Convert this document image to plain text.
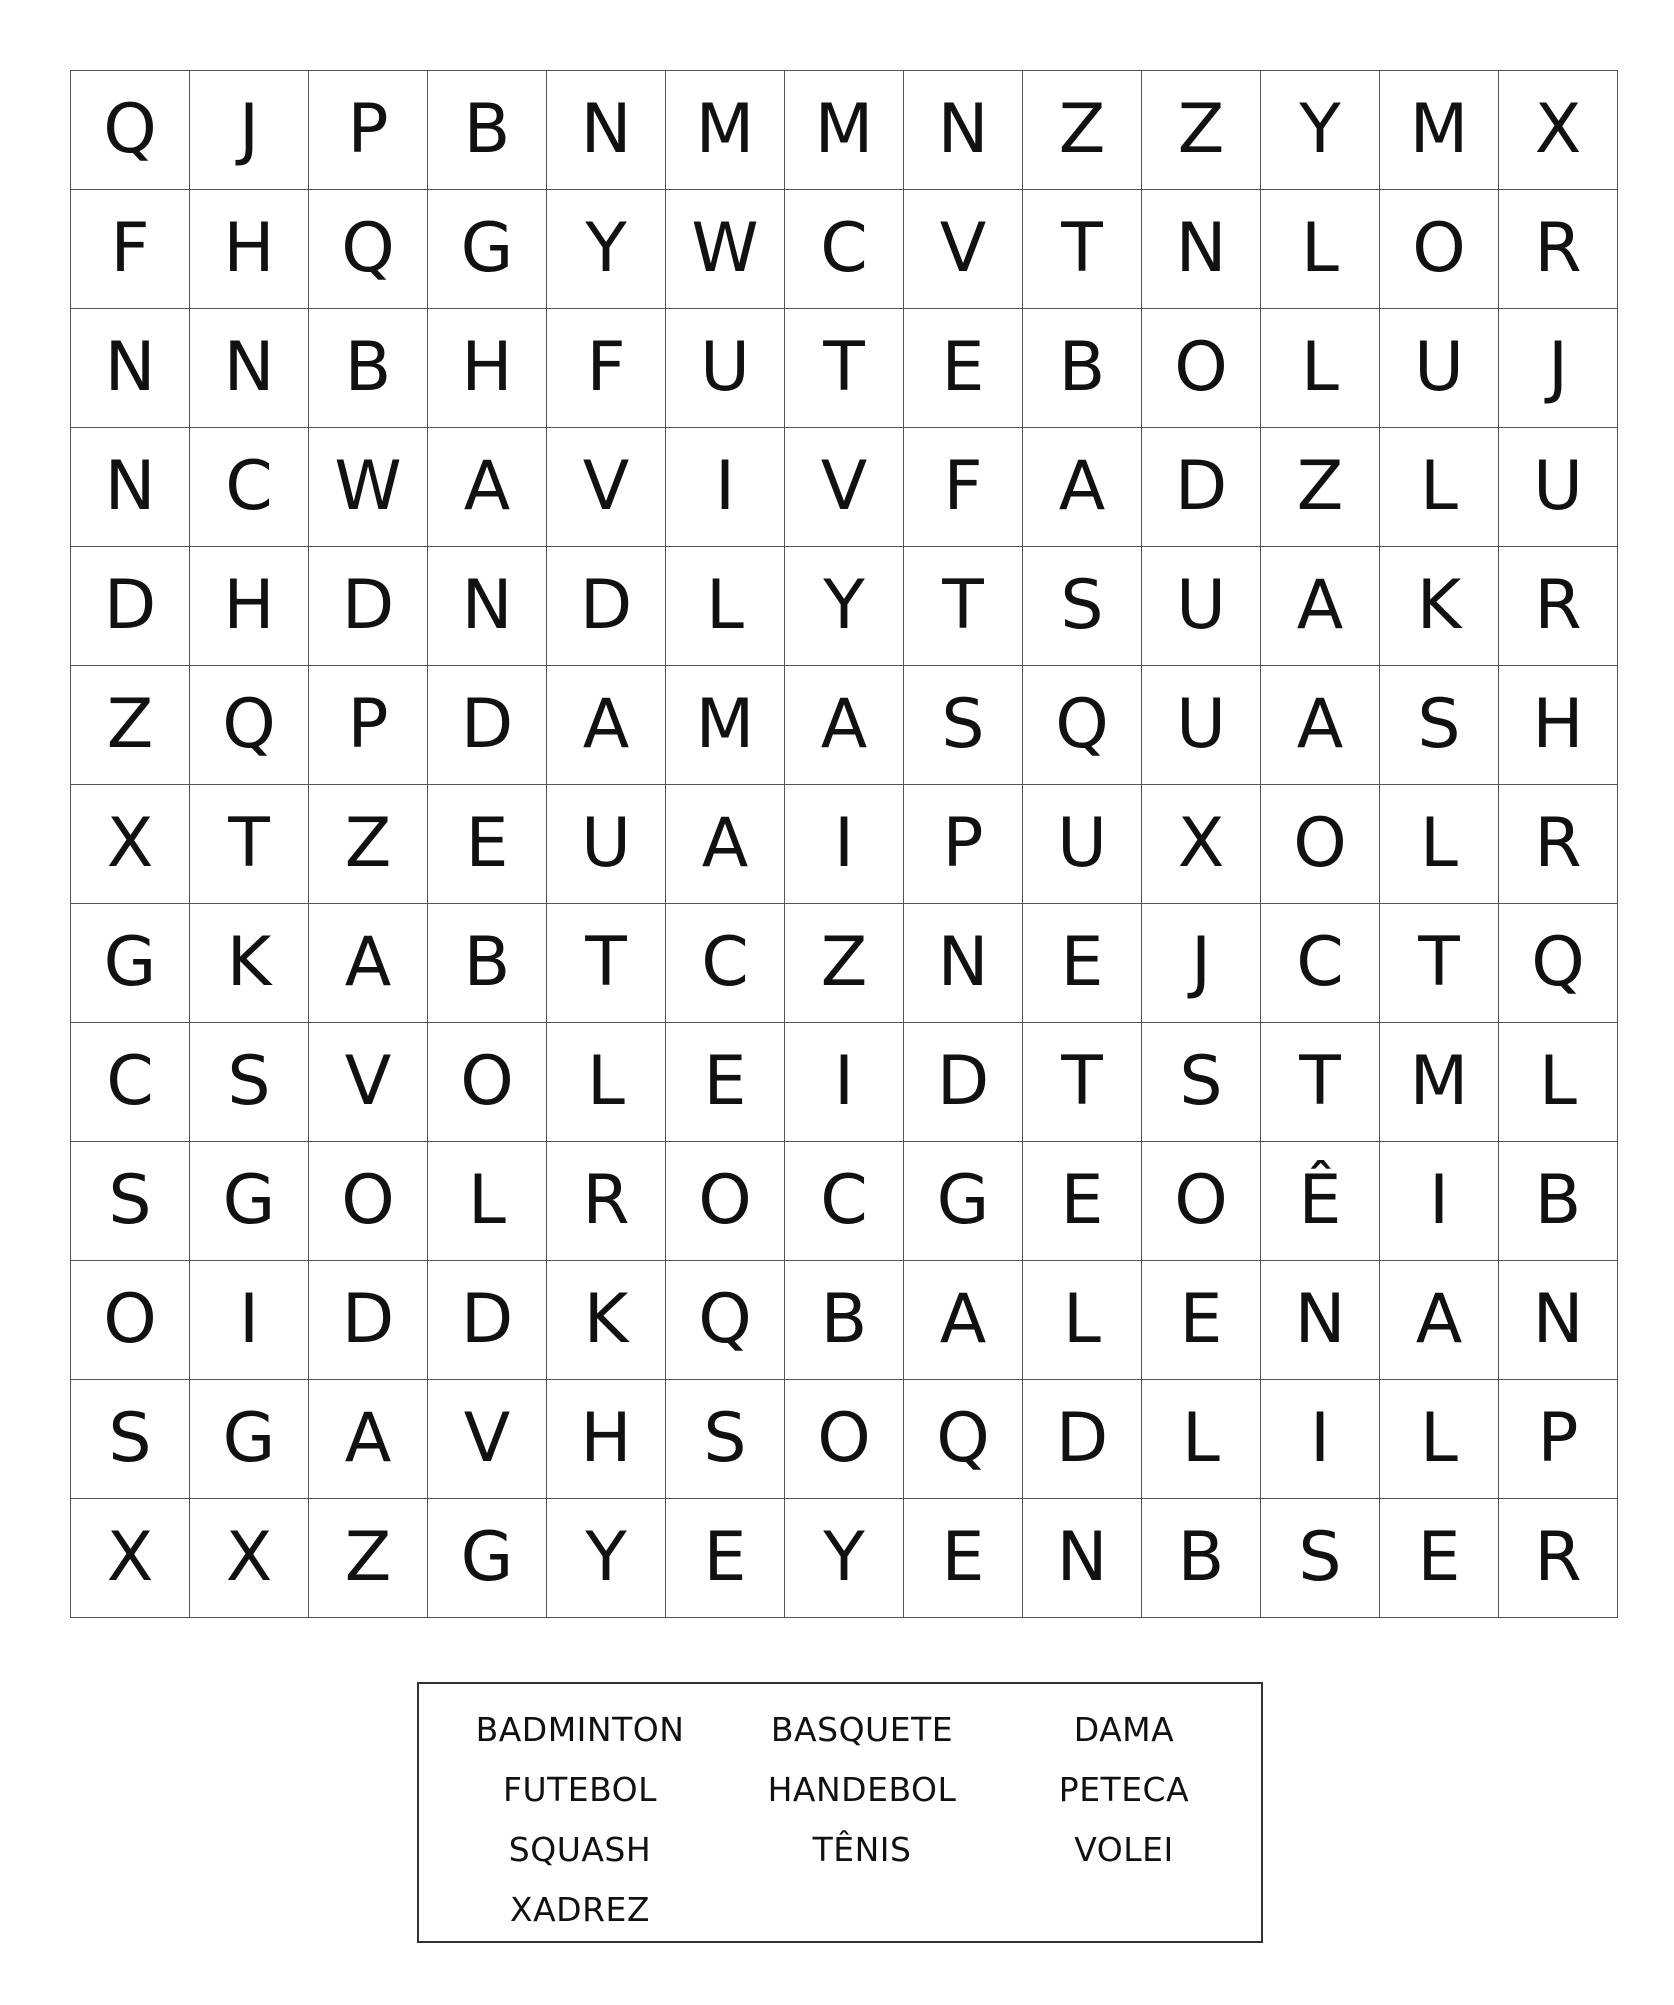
Q	J	P	B	N	M	M	N	Z	Z	Y	M	X
F	H	Q	G	Y	W	C	V	T	N	L	O	R
N	N	B	H	F	U	T	E	B	O	L	U	J
N	C	W	A	V	I	V	F	A	D	Z	L	U
D	H	D	N	D	L	Y	T	S	U	A	K	R
Z	Q	P	D	A	M	A	S	Q	U	A	S	H
X	T	Z	E	U	A	I	P	U	X	O	L	R
G	K	A	B	T	C	Z	N	E	J	C	T	Q
C	S	V	O	L	E	I	D	T	S	T	M	L
S	G	O	L	R	O	C	G	E	O	Ê	I	B
O	I	D	D	K	Q	B	A	L	E	N	A	N
S	G	A	V	H	S	O	Q	D	L	I	L	P
X	X	Z	G	Y	E	Y	E	N	B	S	E	R
BADMINTON	BASQUETE	DAMA
FUTEBOL	HANDEBOL	PETECA
SQUASH	TÊNIS	VOLEI
XADREZ
